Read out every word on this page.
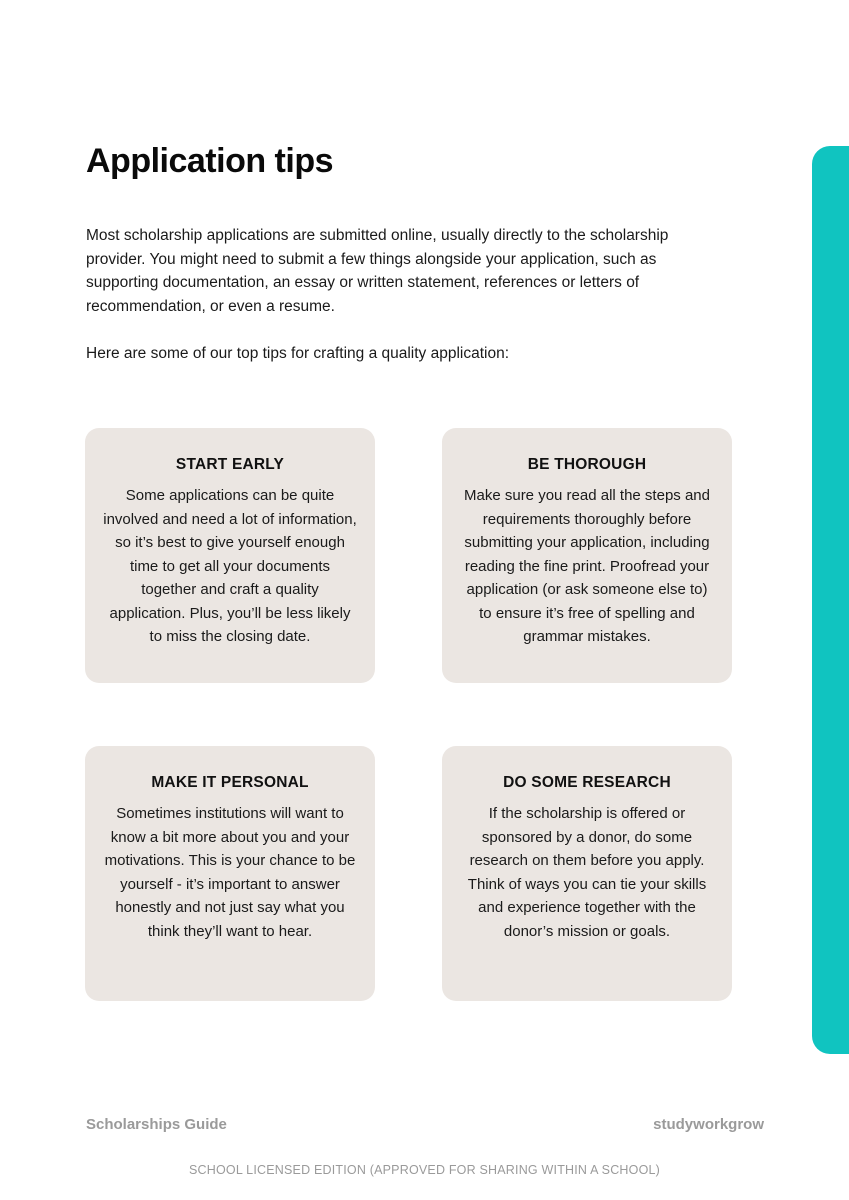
Application tips

Most scholarship applications are submitted online, usually directly to the scholarship provider. You might need to submit a few things alongside your application, such as supporting documentation, an essay or written statement, references or letters of recommendation, or even a resume.

Here are some of our top tips for crafting a quality application:

START EARLY

Some applications can be quite involved and need a lot of information, so it’s best to give yourself enough time to get all your documents together and craft a quality application. Plus, you’ll be less likely to miss the closing date.

BE THOROUGH

Make sure you read all the steps and requirements thoroughly before submitting your application, including reading the fine print. Proofread your application (or ask someone else to) to ensure it’s free of spelling and grammar mistakes.

MAKE IT PERSONAL

Sometimes institutions will want to know a bit more about you and your motivations. This is your chance to be yourself - it’s important to answer honestly and not just say what you think they’ll want to hear.

DO SOME RESEARCH

If the scholarship is offered or sponsored by a donor, do some research on them before you apply. Think of ways you can tie your skills and experience together with the donor’s mission or goals.

Scholarships Guide	studyworkgrow
SCHOOL LICENSED EDITION (APPROVED FOR SHARING WITHIN A SCHOOL)
